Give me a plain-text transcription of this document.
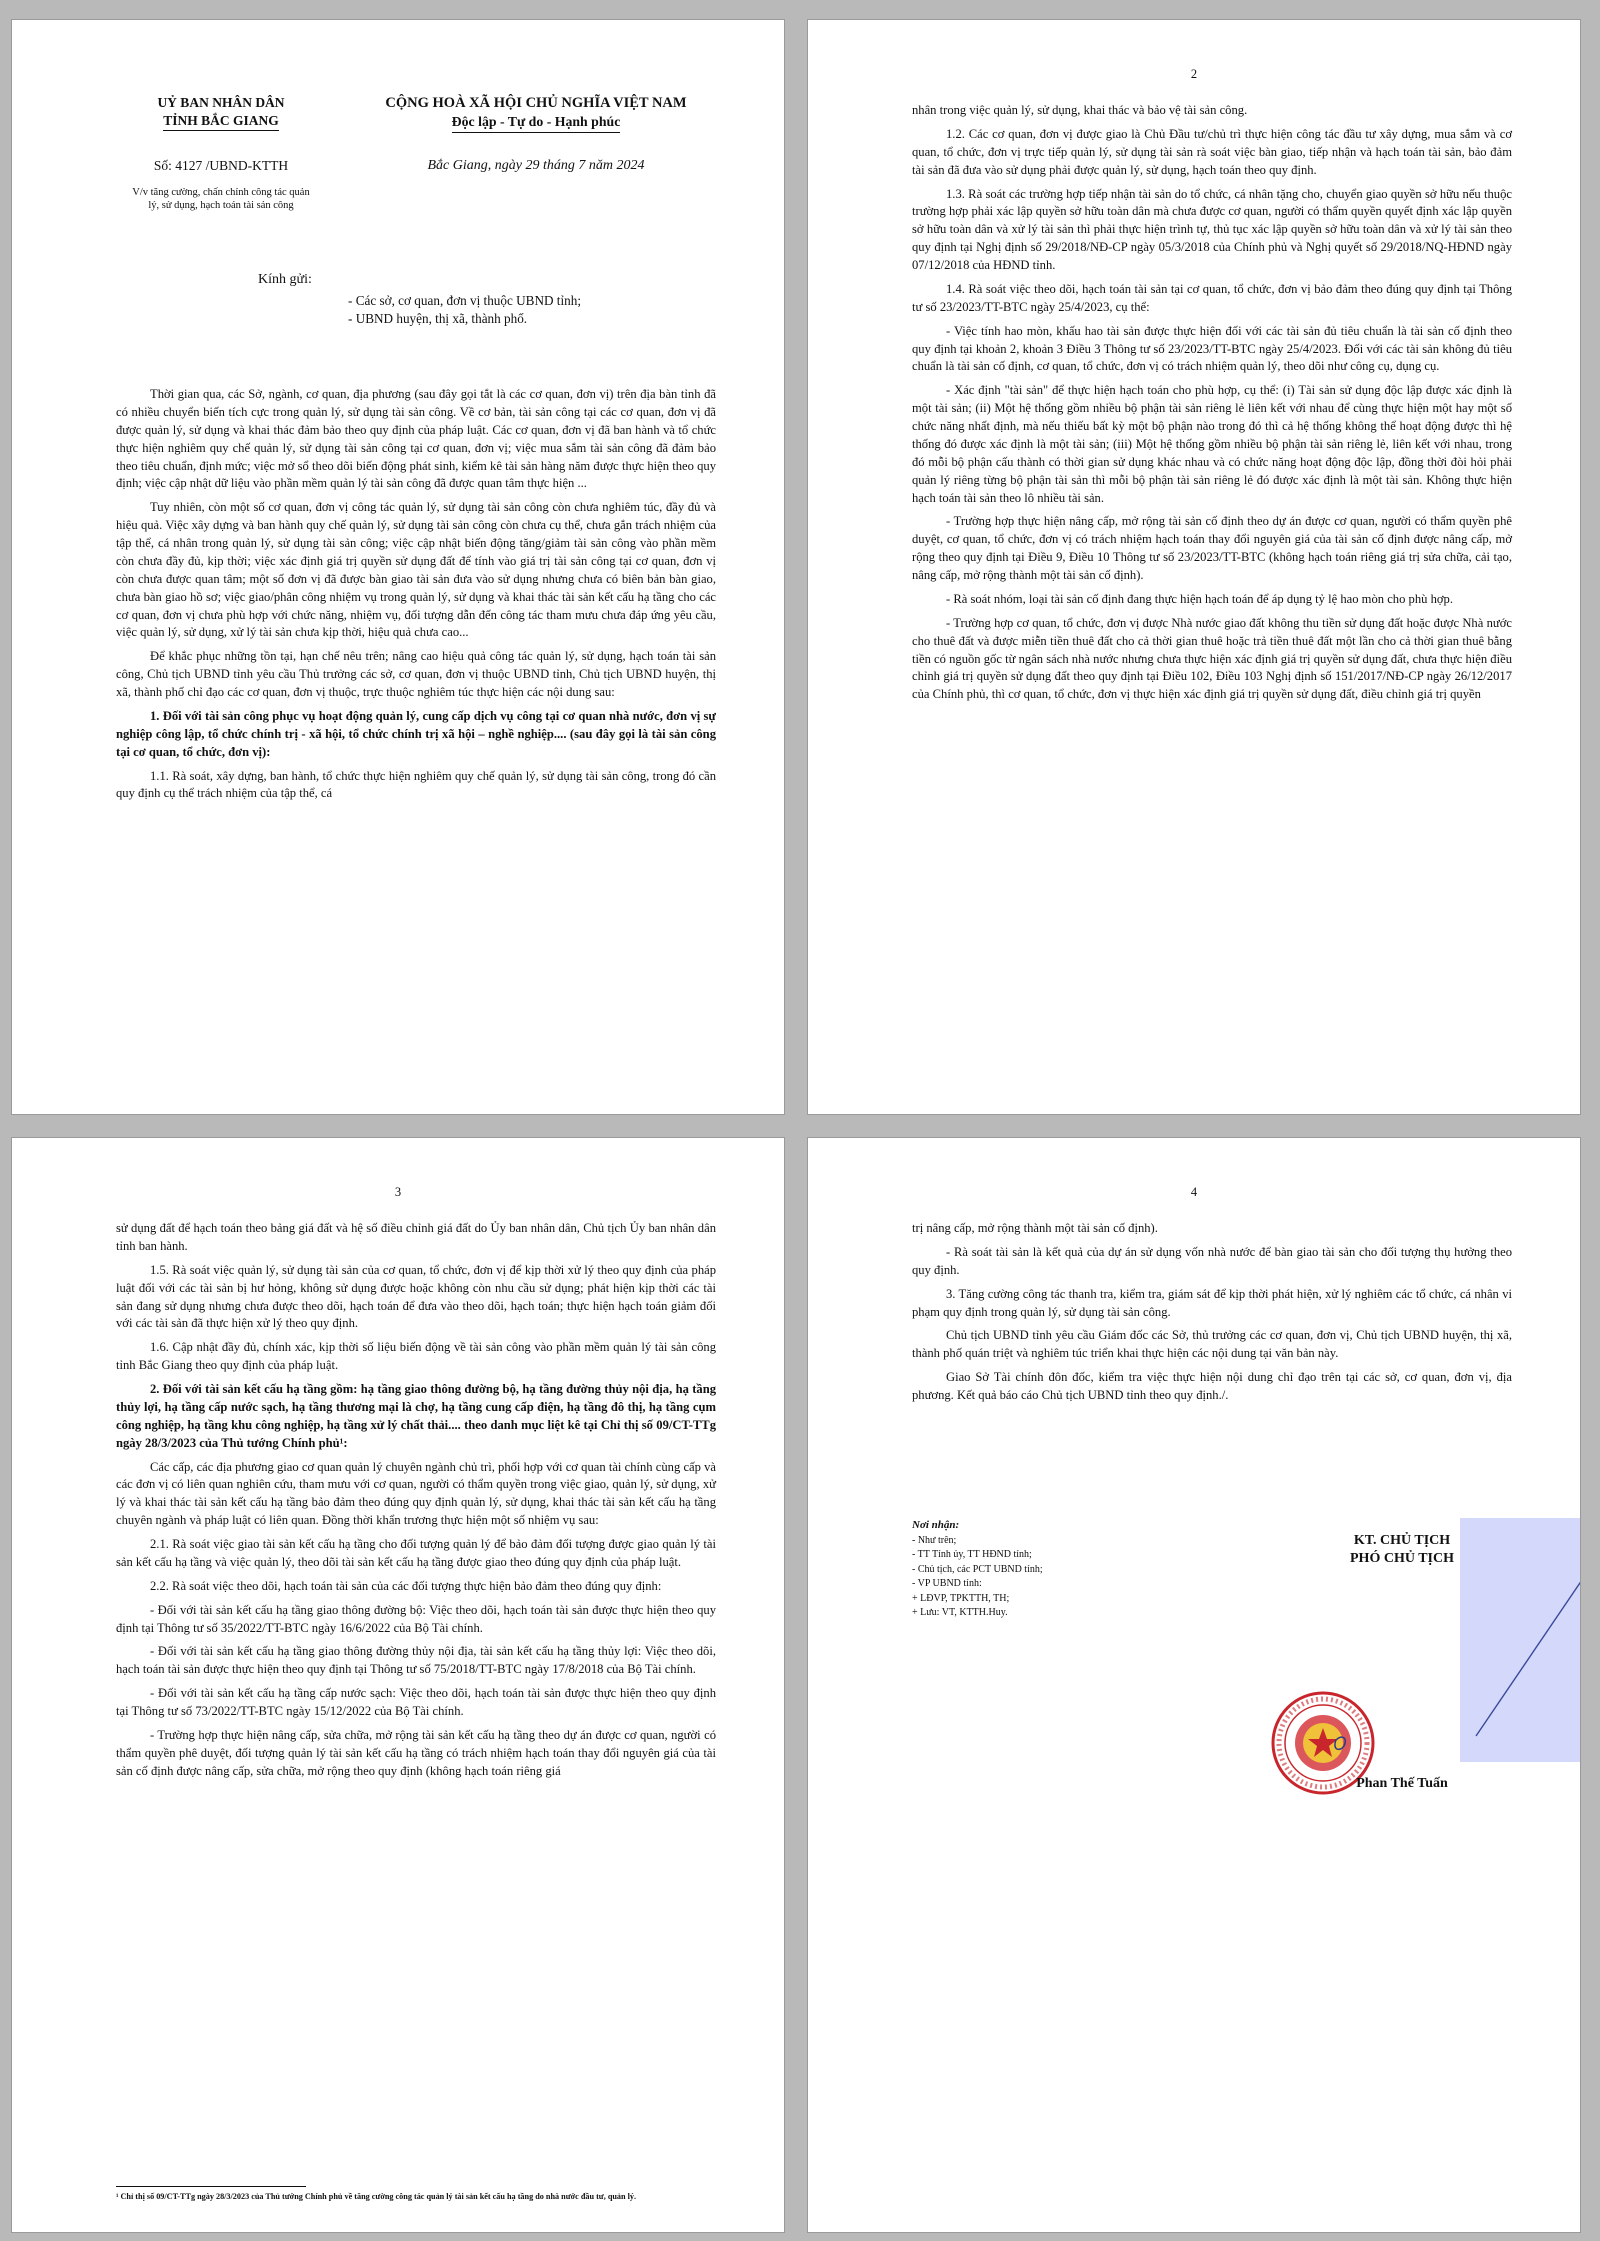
UỶ BAN NHÂN DÂN
TỈNH BẮC GIANG
CỘNG HOÀ XÃ HỘI CHỦ NGHĨA VIỆT NAM
Độc lập - Tự do - Hạnh phúc
Số: 4127 /UBND-KTTH	Bắc Giang, ngày 29 tháng 7 năm 2024
V/v tăng cường, chấn chỉnh công tác quản lý, sử dụng, hạch toán tài sản công
Kính gửi:
- Các sở, cơ quan, đơn vị thuộc UBND tỉnh;
- UBND huyện, thị xã, thành phố.

Thời gian qua, các Sở, ngành, cơ quan, địa phương (sau đây gọi tắt là các cơ quan, đơn vị) trên địa bàn tỉnh đã có nhiều chuyển biến tích cực trong quản lý, sử dụng tài sản công. Về cơ bản, tài sản công tại các cơ quan, đơn vị đã được quản lý, sử dụng và khai thác đảm bảo theo quy định của pháp luật. Các cơ quan, đơn vị đã ban hành và tổ chức thực hiện nghiêm quy chế quản lý, sử dụng tài sản công tại cơ quan, đơn vị; việc mua sắm tài sản công đã đảm bảo theo tiêu chuẩn, định mức; việc mở sổ theo dõi biến động phát sinh, kiểm kê tài sản hàng năm được thực hiện theo quy định; việc cập nhật dữ liệu vào phần mềm quản lý tài sản công đã được quan tâm thực hiện ...

Tuy nhiên, còn một số cơ quan, đơn vị công tác quản lý, sử dụng tài sản công còn chưa nghiêm túc, đầy đủ và hiệu quả. Việc xây dựng và ban hành quy chế quản lý, sử dụng tài sản công còn chưa cụ thể, chưa gắn trách nhiệm của tập thể, cá nhân trong quản lý, sử dụng tài sản công; việc cập nhật biến động tăng/giảm tài sản công vào phần mềm còn chưa đầy đủ, kịp thời; việc xác định giá trị quyền sử dụng đất để tính vào giá trị tài sản công tại cơ quan, đơn vị còn chưa được quan tâm; một số đơn vị đã được bàn giao tài sản đưa vào sử dụng nhưng chưa có biên bản bàn giao, chưa bàn giao hồ sơ; việc giao/phân công nhiệm vụ trong quản lý, sử dụng và khai thác tài sản kết cấu hạ tầng cho các cơ quan, đơn vị chưa phù hợp với chức năng, nhiệm vụ, đối tượng dẫn đến công tác tham mưu chưa đáp ứng yêu cầu, việc quản lý, sử dụng, xử lý tài sản chưa kịp thời, hiệu quả chưa cao...

Để khắc phục những tồn tại, hạn chế nêu trên; nâng cao hiệu quả công tác quản lý, sử dụng, hạch toán tài sản công, Chủ tịch UBND tỉnh yêu cầu Thủ trưởng các sở, cơ quan, đơn vị thuộc UBND tỉnh, Chủ tịch UBND huyện, thị xã, thành phố chỉ đạo các cơ quan, đơn vị thuộc, trực thuộc nghiêm túc thực hiện các nội dung sau:

1. Đối với tài sản công phục vụ hoạt động quản lý, cung cấp dịch vụ công tại cơ quan nhà nước, đơn vị sự nghiệp công lập, tổ chức chính trị - xã hội, tổ chức chính trị xã hội – nghề nghiệp.... (sau đây gọi là tài sản công tại cơ quan, tổ chức, đơn vị):

1.1. Rà soát, xây dựng, ban hành, tổ chức thực hiện nghiêm quy chế quản lý, sử dụng tài sản công, trong đó cần quy định cụ thể trách nhiệm của tập thể, cá

2

nhân trong việc quản lý, sử dụng, khai thác và bảo vệ tài sản công.

1.2. Các cơ quan, đơn vị được giao là Chủ Đầu tư/chủ trì thực hiện công tác đầu tư xây dựng, mua sắm và cơ quan, tổ chức, đơn vị trực tiếp quản lý, sử dụng tài sản rà soát việc bàn giao, tiếp nhận và hạch toán tài sản, bảo đảm tài sản đã đưa vào sử dụng phải được quản lý, sử dụng, hạch toán theo quy định.

1.3. Rà soát các trường hợp tiếp nhận tài sản do tổ chức, cá nhân tặng cho, chuyển giao quyền sở hữu nếu thuộc trường hợp phải xác lập quyền sở hữu toàn dân mà chưa được cơ quan, người có thẩm quyền quyết định xác lập quyền sở hữu toàn dân và xử lý tài sản thì phải thực hiện trình tự, thủ tục xác lập quyền sở hữu toàn dân và xử lý tài sản theo quy định tại Nghị định số 29/2018/NĐ-CP ngày 05/3/2018 của Chính phủ và Nghị quyết số 29/2018/NQ-HĐND ngày 07/12/2018 của HĐND tỉnh.

1.4. Rà soát việc theo dõi, hạch toán tài sản tại cơ quan, tổ chức, đơn vị bảo đảm theo đúng quy định tại Thông tư số 23/2023/TT-BTC ngày 25/4/2023, cụ thể:

- Việc tính hao mòn, khấu hao tài sản được thực hiện đối với các tài sản đủ tiêu chuẩn là tài sản cố định theo quy định tại khoản 2, khoản 3 Điều 3 Thông tư số 23/2023/TT-BTC ngày 25/4/2023. Đối với các tài sản không đủ tiêu chuẩn là tài sản cố định, cơ quan, tổ chức, đơn vị có trách nhiệm quản lý, theo dõi như công cụ, dụng cụ.

- Xác định "tài sản" để thực hiện hạch toán cho phù hợp, cụ thể: (i) Tài sản sử dụng độc lập được xác định là một tài sản; (ii) Một hệ thống gồm nhiều bộ phận tài sản riêng lẻ liên kết với nhau để cùng thực hiện một hay một số chức năng nhất định, mà nếu thiếu bất kỳ một bộ phận nào trong đó thì cả hệ thống không thể hoạt động được thì hệ thống đó được xác định là một tài sản; (iii) Một hệ thống gồm nhiều bộ phận tài sản riêng lẻ, liên kết với nhau, trong đó mỗi bộ phận cấu thành có thời gian sử dụng khác nhau và có chức năng hoạt động độc lập, đồng thời đòi hỏi phải quản lý riêng từng bộ phận tài sản thì mỗi bộ phận tài sản riêng lẻ đó được xác định là một tài sản. Không thực hiện hạch toán tài sản theo lô nhiều tài sản.

- Trường hợp thực hiện nâng cấp, mở rộng tài sản cố định theo dự án được cơ quan, người có thẩm quyền phê duyệt, cơ quan, tổ chức, đơn vị có trách nhiệm hạch toán thay đổi nguyên giá của tài sản cố định được nâng cấp, mở rộng theo quy định tại Điều 9, Điều 10 Thông tư số 23/2023/TT-BTC (không hạch toán riêng giá trị sửa chữa, cải tạo, nâng cấp, mở rộng thành một tài sản cố định).

- Rà soát nhóm, loại tài sản cố định đang thực hiện hạch toán để áp dụng tỷ lệ hao mòn cho phù hợp.

- Trường hợp cơ quan, tổ chức, đơn vị được Nhà nước giao đất không thu tiền sử dụng đất hoặc được Nhà nước cho thuê đất và được miễn tiền thuê đất cho cả thời gian thuê hoặc trả tiền thuê đất một lần cho cả thời gian thuê bằng tiền có nguồn gốc từ ngân sách nhà nước nhưng chưa thực hiện xác định giá trị quyền sử dụng đất, chưa thực hiện điều chỉnh giá trị quyền sử dụng đất theo quy định tại Điều 102, Điều 103 Nghị định số 151/2017/NĐ-CP ngày 26/12/2017 của Chính phủ, thì cơ quan, tổ chức, đơn vị thực hiện xác định giá trị quyền sử dụng đất, điều chỉnh giá trị quyền

3

sử dụng đất để hạch toán theo bảng giá đất và hệ số điều chỉnh giá đất do Ủy ban nhân dân, Chủ tịch Ủy ban nhân dân tỉnh ban hành.

1.5. Rà soát việc quản lý, sử dụng tài sản của cơ quan, tổ chức, đơn vị để kịp thời xử lý theo quy định của pháp luật đối với các tài sản bị hư hỏng, không sử dụng được hoặc không còn nhu cầu sử dụng; phát hiện kịp thời các tài sản đang sử dụng nhưng chưa được theo dõi, hạch toán để đưa vào theo dõi, hạch toán; thực hiện hạch toán giảm đối với các tài sản đã thực hiện xử lý theo quy định.

1.6. Cập nhật đầy đủ, chính xác, kịp thời số liệu biến động về tài sản công vào phần mềm quản lý tài sản công tỉnh Bắc Giang theo quy định của pháp luật.

2. Đối với tài sản kết cấu hạ tầng gồm: hạ tầng giao thông đường bộ, hạ tầng đường thủy nội địa, hạ tầng thủy lợi, hạ tầng cấp nước sạch, hạ tầng thương mại là chợ, hạ tầng cung cấp điện, hạ tầng đô thị, hạ tầng cụm công nghiệp, hạ tầng khu công nghiệp, hạ tầng xử lý chất thải.... theo danh mục liệt kê tại Chỉ thị số 09/CT-TTg ngày 28/3/2023 của Thủ tướng Chính phủ¹:

Các cấp, các địa phương giao cơ quan quản lý chuyên ngành chủ trì, phối hợp với cơ quan tài chính cùng cấp và các đơn vị có liên quan nghiên cứu, tham mưu với cơ quan, người có thẩm quyền trong việc giao, quản lý, sử dụng, xử lý và khai thác tài sản kết cấu hạ tầng bảo đảm theo đúng quy định quản lý, sử dụng, khai thác tài sản kết cấu hạ tầng chuyên ngành và pháp luật có liên quan. Đồng thời khẩn trương thực hiện một số nhiệm vụ sau:

2.1. Rà soát việc giao tài sản kết cấu hạ tầng cho đối tượng quản lý để bảo đảm đối tượng được giao quản lý tài sản kết cấu hạ tầng và việc quản lý, theo dõi tài sản kết cấu hạ tầng được giao theo đúng quy định của pháp luật.

2.2. Rà soát việc theo dõi, hạch toán tài sản của các đối tượng thực hiện bảo đảm theo đúng quy định:

- Đối với tài sản kết cấu hạ tầng giao thông đường bộ: Việc theo dõi, hạch toán tài sản được thực hiện theo quy định tại Thông tư số 35/2022/TT-BTC ngày 16/6/2022 của Bộ Tài chính.

- Đối với tài sản kết cấu hạ tầng giao thông đường thủy nội địa, tài sản kết cấu hạ tầng thủy lợi: Việc theo dõi, hạch toán tài sản được thực hiện theo quy định tại Thông tư số 75/2018/TT-BTC ngày 17/8/2018 của Bộ Tài chính.

- Đối với tài sản kết cấu hạ tầng cấp nước sạch: Việc theo dõi, hạch toán tài sản được thực hiện theo quy định tại Thông tư số 73/2022/TT-BTC ngày 15/12/2022 của Bộ Tài chính.

- Trường hợp thực hiện nâng cấp, sửa chữa, mở rộng tài sản kết cấu hạ tầng theo dự án được cơ quan, người có thẩm quyền phê duyệt, đối tượng quản lý tài sản kết cấu hạ tầng có trách nhiệm hạch toán thay đổi nguyên giá của tài sản cố định được nâng cấp, sửa chữa, mở rộng theo quy định (không hạch toán riêng giá

¹ Chỉ thị số 09/CT-TTg ngày 28/3/2023 của Thủ tướng Chính phủ về tăng cường công tác quản lý tài sản kết cấu hạ tầng do nhà nước đầu tư, quản lý.
4

trị nâng cấp, mở rộng thành một tài sản cố định).

- Rà soát tài sản là kết quả của dự án sử dụng vốn nhà nước để bàn giao tài sản cho đối tượng thụ hưởng theo quy định.

3. Tăng cường công tác thanh tra, kiểm tra, giám sát để kịp thời phát hiện, xử lý nghiêm các tổ chức, cá nhân vi phạm quy định trong quản lý, sử dụng tài sản công.

Chủ tịch UBND tỉnh yêu cầu Giám đốc các Sở, thủ trưởng các cơ quan, đơn vị, Chủ tịch UBND huyện, thị xã, thành phố quán triệt và nghiêm túc triển khai thực hiện các nội dung tại văn bản này.

Giao Sở Tài chính đôn đốc, kiểm tra việc thực hiện nội dung chỉ đạo trên tại các sở, cơ quan, đơn vị, địa phương. Kết quả báo cáo Chủ tịch UBND tỉnh theo quy định./.

Nơi nhận:
- Như trên;
- TT Tỉnh ủy, TT HĐND tỉnh;
- Chủ tịch, các PCT UBND tỉnh;
- VP UBND tỉnh:
+ LĐVP, TPKTTH, TH;
+ Lưu: VT, KTTH.Huy.
KT. CHỦ TỊCH
PHÓ CHỦ TỊCH
Phan Thế Tuấn
